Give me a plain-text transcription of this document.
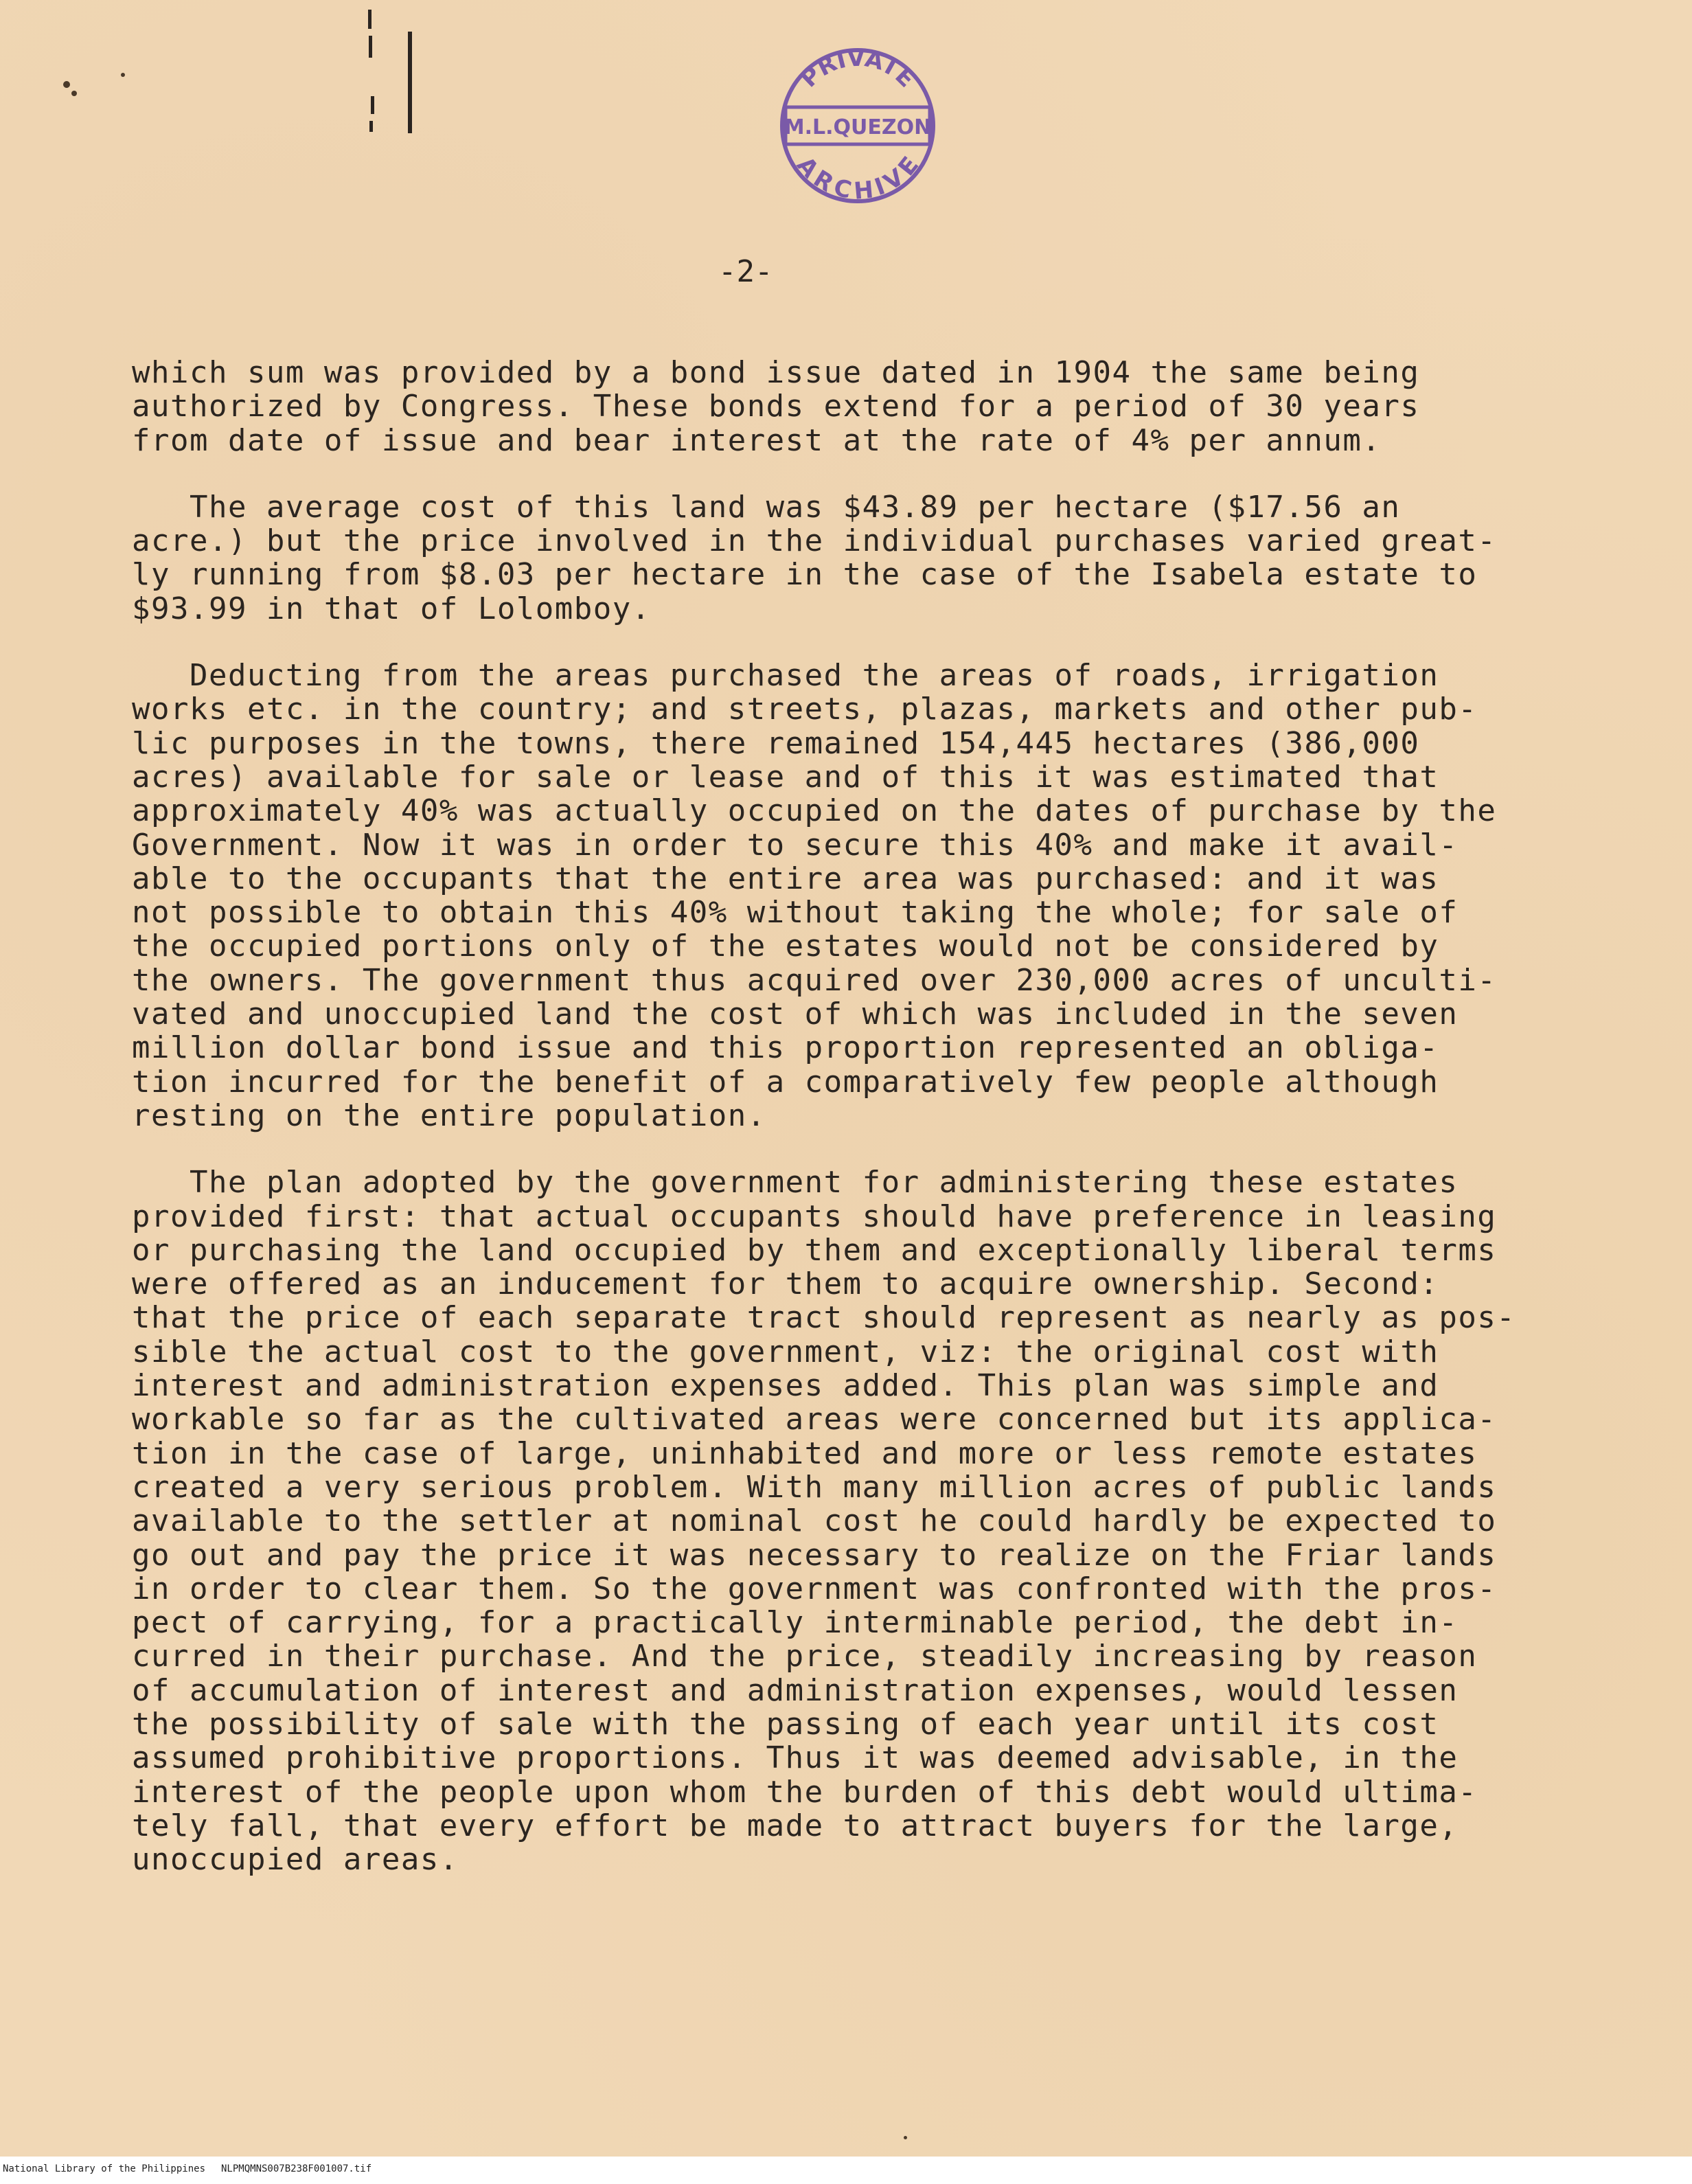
PRIVATE
M.L.QUEZON
ARCHIVE
-2-
which sum was provided by a bond issue dated in 1904 the same being
authorized by Congress. These bonds extend for a period of 30 years
from date of issue and bear interest at the rate of 4% per annum.
The average cost of this land was $43.89 per hectare ($17.56 an
acre.) but the price involved in the individual purchases varied great-
ly running from $8.03 per hectare in the case of the Isabela estate to
$93.99 in that of Lolomboy.
Deducting from the areas purchased the areas of roads, irrigation
works etc. in the country; and streets, plazas, markets and other pub-
lic purposes in the towns, there remained 154,445 hectares (386,000
acres) available for sale or lease and of this it was estimated that
approximately 40% was actually occupied on the dates of purchase by the
Government. Now it was in order to secure this 40% and make it avail-
able to the occupants that the entire area was purchased: and it was
not possible to obtain this 40% without taking the whole; for sale of
the occupied portions only of the estates would not be considered by
the owners. The government thus acquired over 230,000 acres of unculti-
vated and unoccupied land the cost of which was included in the seven
million dollar bond issue and this proportion represented an obliga-
tion incurred for the benefit of a comparatively few people although
resting on the entire population.
The plan adopted by the government for administering these estates
provided first: that actual occupants should have preference in leasing
or purchasing the land occupied by them and exceptionally liberal terms
were offered as an inducement for them to acquire ownership. Second:
that the price of each separate tract should represent as nearly as pos-
sible the actual cost to the government, viz: the original cost with
interest and administration expenses added. This plan was simple and
workable so far as the cultivated areas were concerned but its applica-
tion in the case of large, uninhabited and more or less remote estates
created a very serious problem. With many million acres of public lands
available to the settler at nominal cost he could hardly be expected to
go out and pay the price it was necessary to realize on the Friar lands
in order to clear them. So the government was confronted with the pros-
pect of carrying, for a practically interminable period, the debt in-
curred in their purchase. And the price, steadily increasing by reason
of accumulation of interest and administration expenses, would lessen
the possibility of sale with the passing of each year until its cost
assumed prohibitive proportions. Thus it was deemed advisable, in the
interest of the people upon whom the burden of this debt would ultima-
tely fall, that every effort be made to attract buyers for the large,
unoccupied areas.
National Library of the Philippines NLPMQMNS007B238F001007.tif
